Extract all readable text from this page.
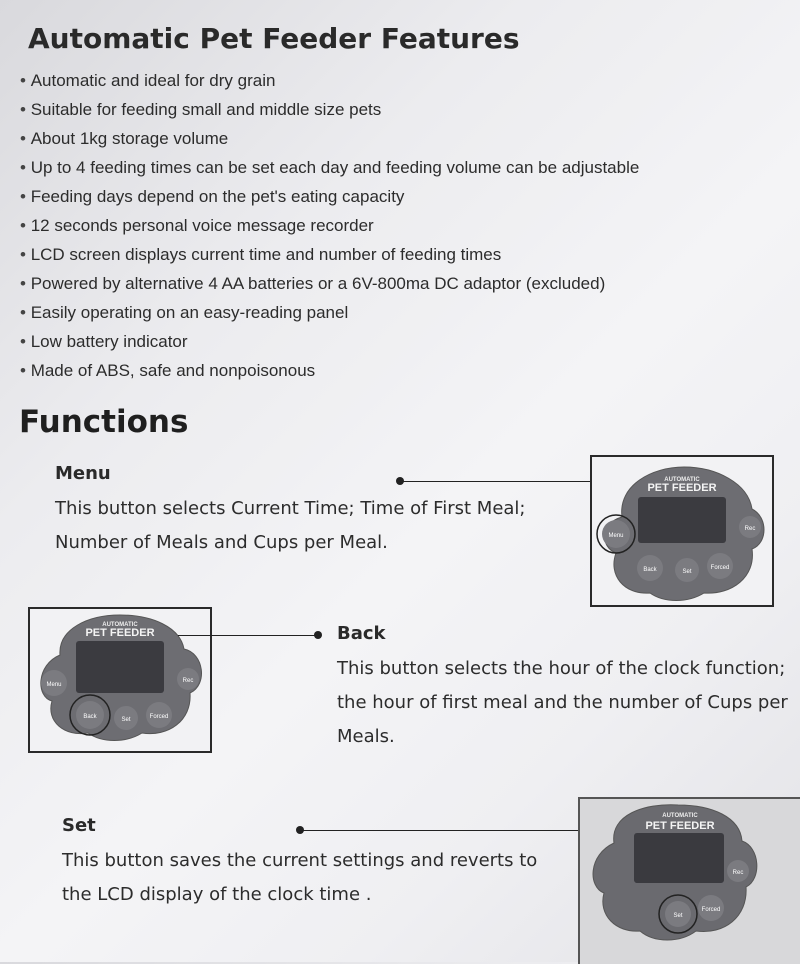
Automatic Pet Feeder Features
• Automatic and ideal for dry grain
• Suitable for feeding small and middle size pets
• About 1kg storage volume
• Up to 4 feeding times can be set each day and feeding volume can be adjustable
• Feeding days depend on the pet's eating capacity
• 12 seconds personal voice message recorder
• LCD screen displays current time and number of feeding times
• Powered by alternative 4 AA batteries or a 6V-800ma DC adaptor (excluded)
• Easily operating on an easy-reading panel
• Low battery indicator
• Made of ABS, safe and nonpoisonous
Functions
Menu
This button selects Current Time; Time of First Meal;
Number of Meals and Cups per Meal.
AUTOMATIC
PET FEEDER
Menu
Rec
Back	Set
Forced
AUTOMATIC
PET FEEDER
Menu
Rec
Back	Set	Forced
Back
This button selects the hour of the clock function;
the hour of first meal and the number of Cups per
Meals.
Set
This button saves the current settings and reverts to
the LCD display of the clock time .
AUTOMATIC
PET FEEDER
Rec
Set
Forced
